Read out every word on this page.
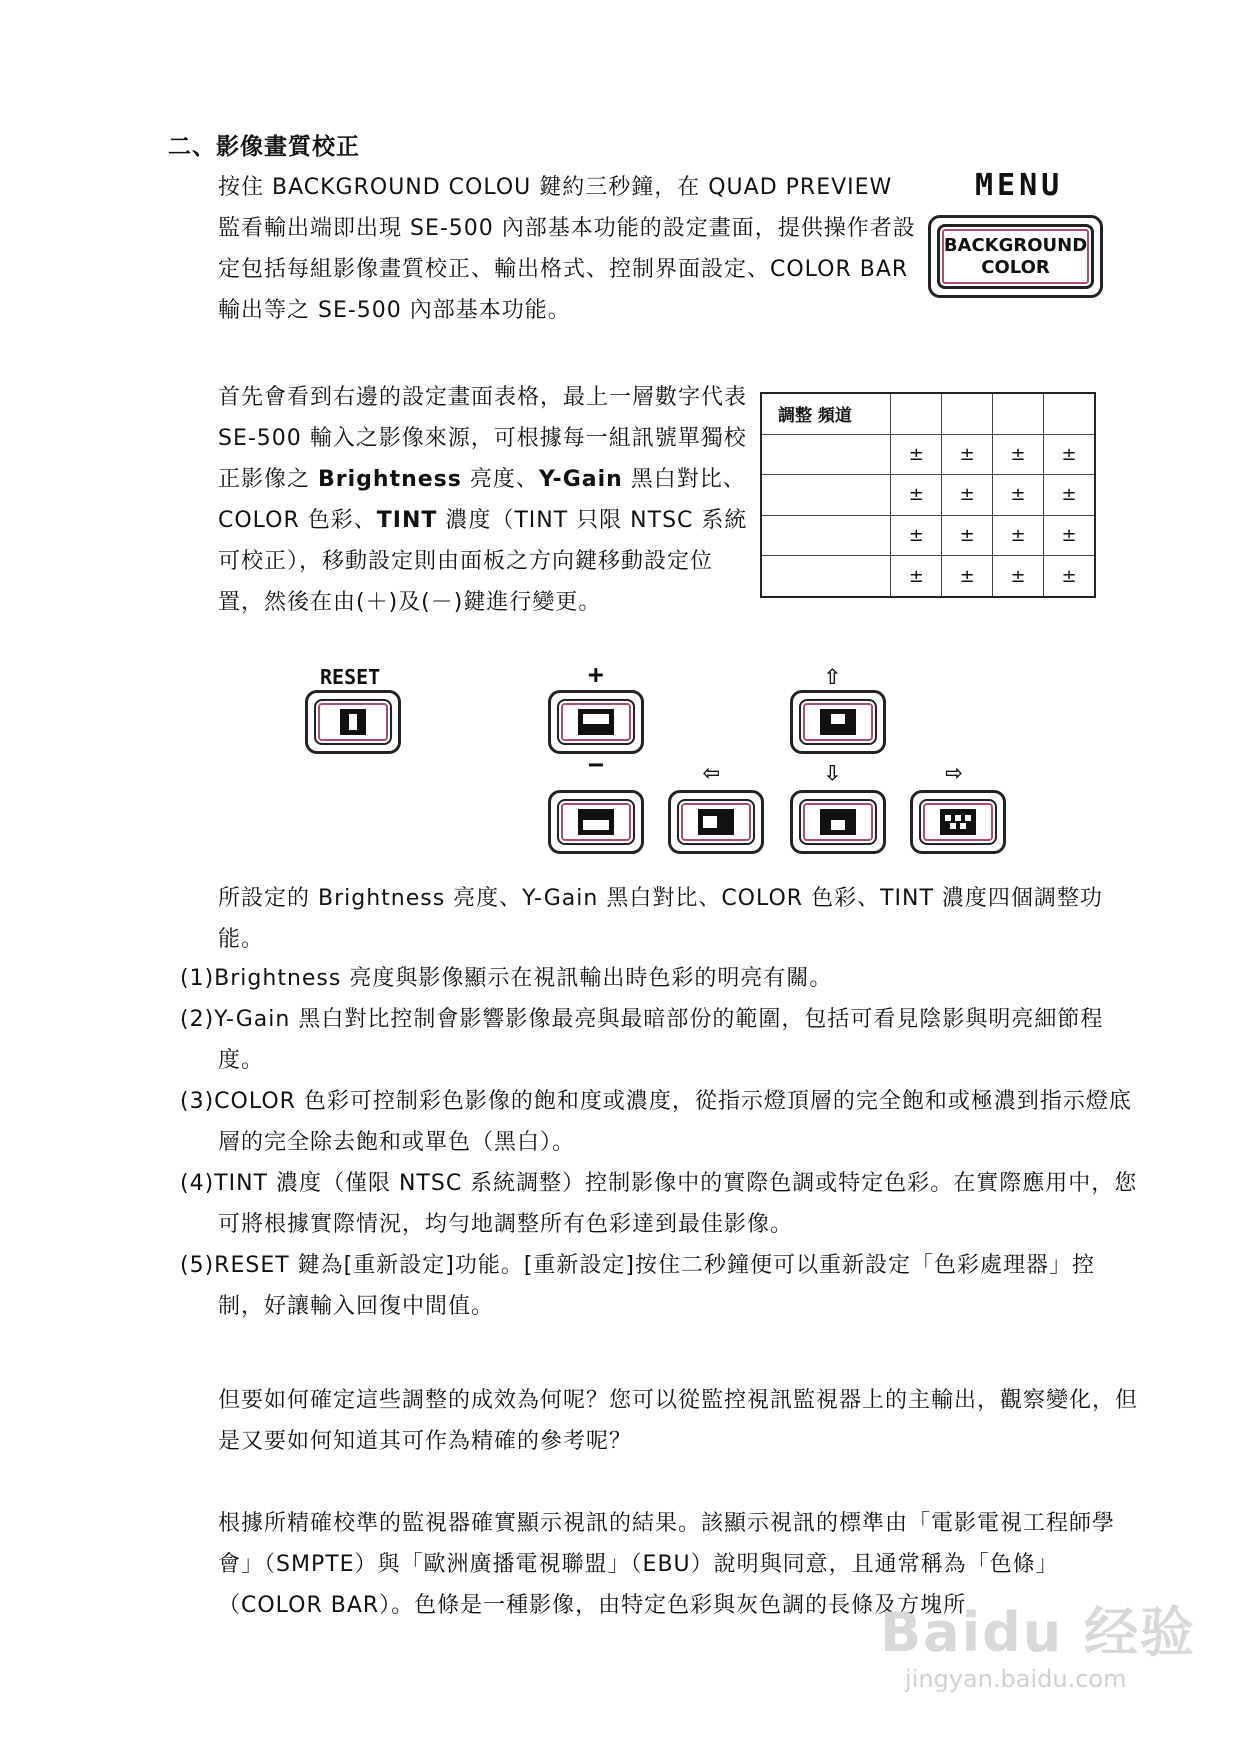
二、影像畫質校正
按住 BACKGROUND COLOU 鍵約三秒鐘，在 QUAD PREVIEW 監看輸出端即出現 SE-500 內部基本功能的設定畫面，提供操作者設定包括每組影像畫質校正、輸出格式、控制界面設定、COLOR BAR 輸出等之 SE-500 內部基本功能。
MENU
BACKGROUND
COLOR
首先會看到右邊的設定畫面表格，最上一層數字代表 SE-500 輸入之影像來源，可根據每一組訊號單獨校正影像之 Brightness 亮度、Y-Gain 黑白對比、COLOR 色彩、TINT 濃度（TINT 只限 NTSC 系統可校正），移動設定則由面板之方向鍵移動設定位置，然後在由(＋)及(－)鍵進行變更。
調整 頻道				
	±	±	±	±
	±	±	±	±
	±	±	±	±
	±	±	±	±
RESET	+	⇧
−	⇦	⇩	⇨
所設定的 Brightness 亮度、Y-Gain 黑白對比、COLOR 色彩、TINT 濃度四個調整功能。
(1)Brightness 亮度與影像顯示在視訊輸出時色彩的明亮有關。
(2)Y-Gain 黑白對比控制會影響影像最亮與最暗部份的範圍，包括可看見陰影與明亮細節程度。
(3)COLOR 色彩可控制彩色影像的飽和度或濃度，從指示燈頂層的完全飽和或極濃到指示燈底層的完全除去飽和或單色（黑白）。
(4)TINT 濃度（僅限 NTSC 系統調整）控制影像中的實際色調或特定色彩。在實際應用中，您可將根據實際情況，均勻地調整所有色彩達到最佳影像。
(5)RESET 鍵為[重新設定]功能。[重新設定]按住二秒鐘便可以重新設定「色彩處理器」控制，好讓輸入回復中間值。
但要如何確定這些調整的成效為何呢？您可以從監控視訊監視器上的主輸出，觀察變化，但是又要如何知道其可作為精確的參考呢？
根據所精確校準的監視器確實顯示視訊的結果。該顯示視訊的標準由「電影電視工程師學會」（SMPTE）與「歐洲廣播電視聯盟」（EBU）說明與同意，且通常稱為「色條」（COLOR BAR）。色條是一種影像，由特定色彩與灰色調的長條及方塊所
Baidu 经验
jingyan.baidu.com
